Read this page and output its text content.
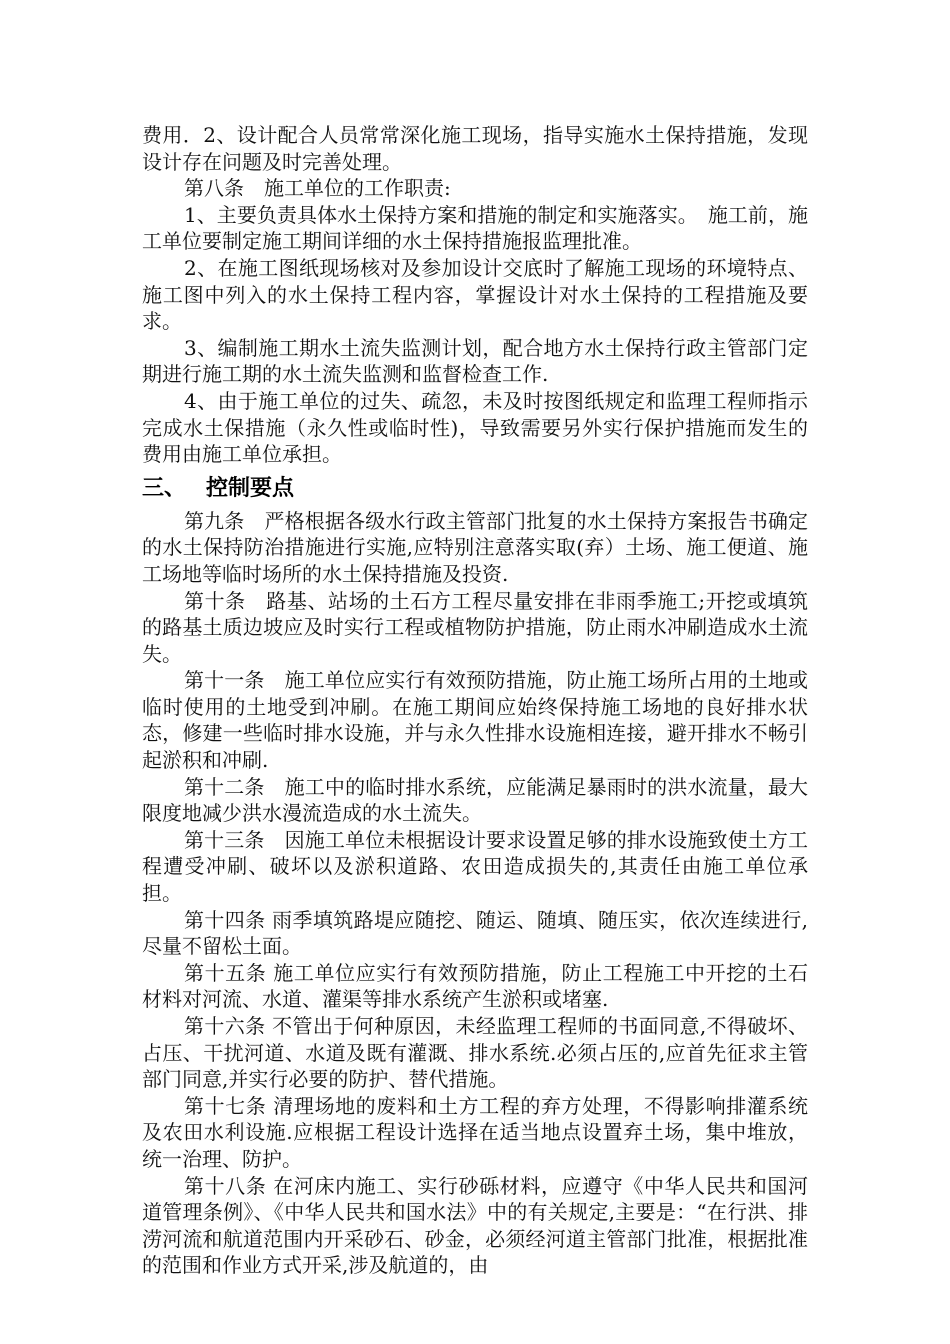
费用．2、设计配合人员常常深化施工现场，指导实施水土保持措施，发现设计存在问题及时完善处理。

第八条　施工单位的工作职责:

1、主要负责具体水土保持方案和措施的制定和实施落实。　施工前，施工单位要制定施工期间详细的水土保持措施报监理批准。

2、在施工图纸现场核对及参加设计交底时了解施工现场的环境特点、施工图中列入的水土保持工程内容，掌握设计对水土保持的工程措施及要求。

3、编制施工期水土流失监测计划，配合地方水土保持行政主管部门定期进行施工期的水土流失监测和监督检查工作.

4、由于施工单位的过失、疏忽，未及时按图纸规定和监理工程师指示完成水土保措施（永久性或临时性)，导致需要另外实行保护措施而发生的费用由施工单位承担。

三、 控制要点

第九条　严格根据各级水行政主管部门批复的水土保持方案报告书确定的水土保持防治措施进行实施,应特别注意落实取(弃）土场、施工便道、施工场地等临时场所的水土保持措施及投资.

第十条　路基、站场的土石方工程尽量安排在非雨季施工;开挖或填筑的路基土质边坡应及时实行工程或植物防护措施，防止雨水冲刷造成水土流失。

第十一条　施工单位应实行有效预防措施，防止施工场所占用的土地或临时使用的土地受到冲刷。在施工期间应始终保持施工场地的良好排水状态，修建一些临时排水设施，并与永久性排水设施相连接，避开排水不畅引起淤积和冲刷.

第十二条　施工中的临时排水系统，应能满足暴雨时的洪水流量，最大限度地减少洪水漫流造成的水土流失。

第十三条　因施工单位未根据设计要求设置足够的排水设施致使土方工程遭受冲刷、破坏以及淤积道路、农田造成损失的,其责任由施工单位承担。

第十四条 雨季填筑路堤应随挖、随运、随填、随压实，依次连续进行,尽量不留松土面。

第十五条 施工单位应实行有效预防措施，防止工程施工中开挖的土石材料对河流、水道、灌渠等排水系统产生淤积或堵塞.

第十六条 不管出于何种原因，未经监理工程师的书面同意,不得破坏、占压、干扰河道、水道及既有灌溉、排水系统.必须占压的,应首先征求主管部门同意,并实行必要的防护、替代措施。

第十七条 清理场地的废料和土方工程的弃方处理，不得影响排灌系统及农田水利设施.应根据工程设计选择在适当地点设置弃土场，集中堆放，统一治理、防护。

第十八条 在河床内施工、实行砂砾材料，应遵守《中华人民共和国河道管理条例》、《中华人民共和国水法》中的有关规定,主要是：“在行洪、排涝河流和航道范围内开采砂石、砂金，必须经河道主管部门批准，根据批准的范围和作业方式开采,涉及航道的，由
